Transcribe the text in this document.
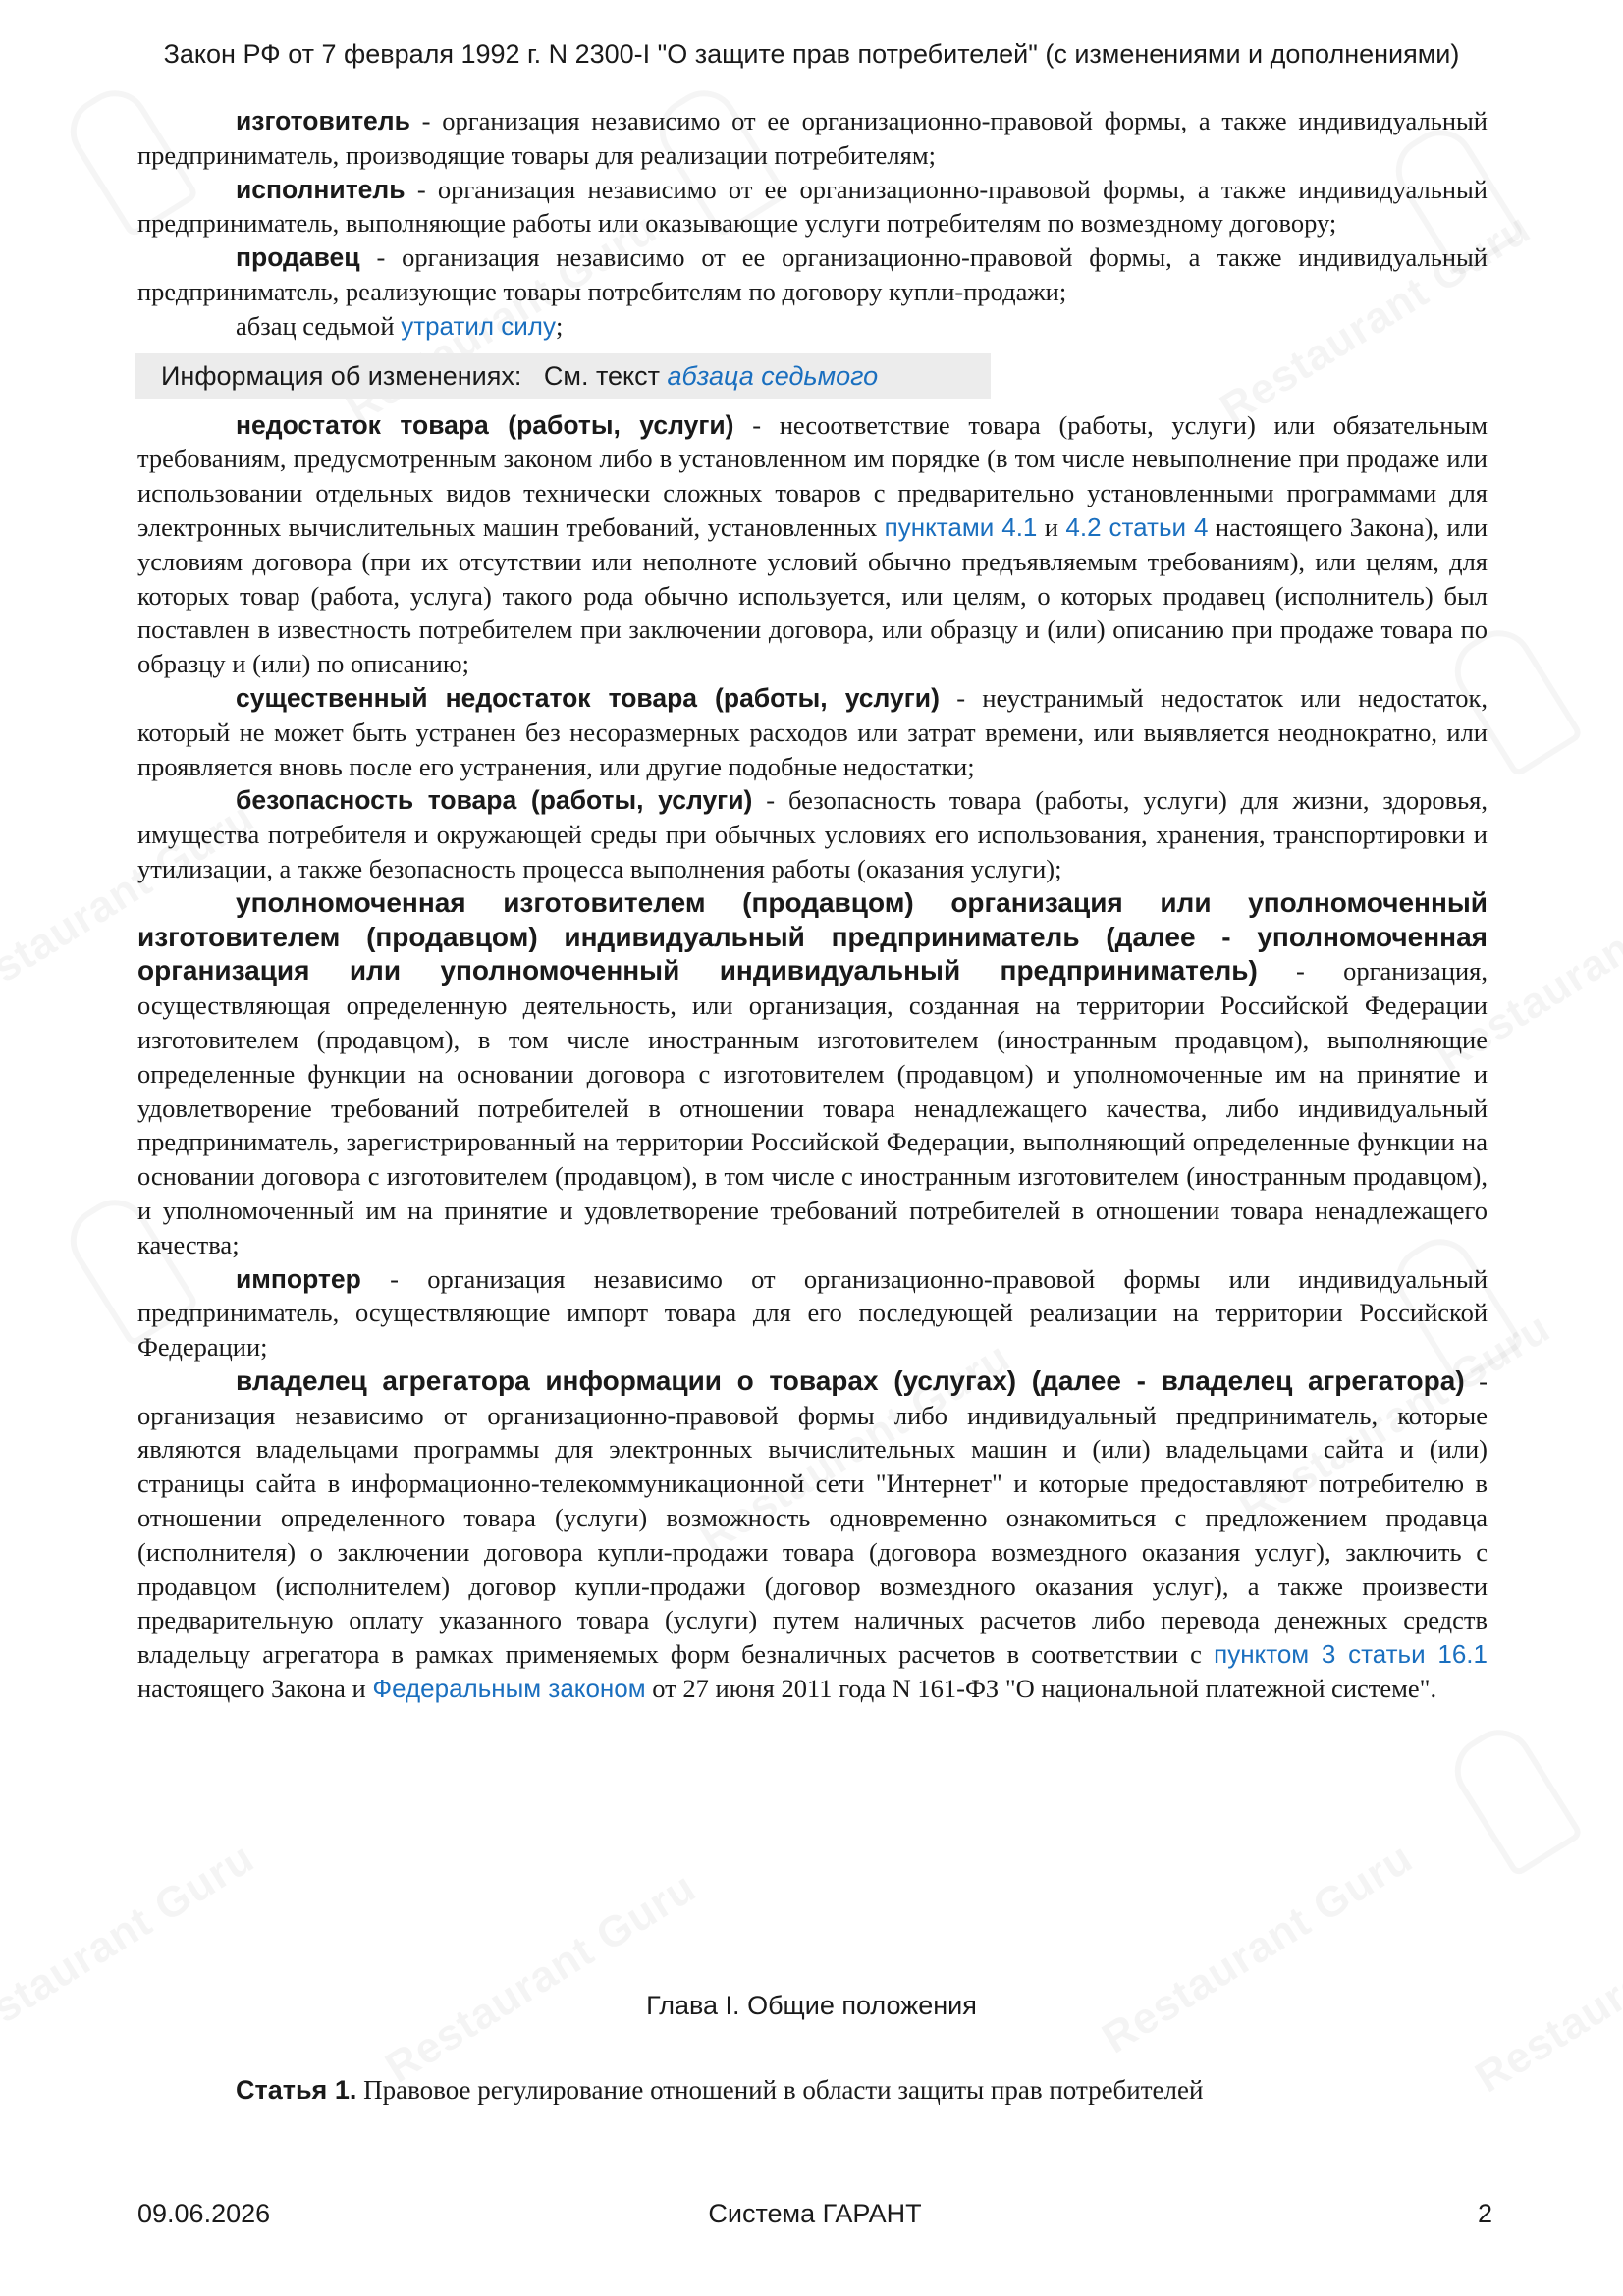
Закон РФ от 7 февраля 1992 г. N 2300-I "О защите прав потребителей" (с изменениями и дополнениями)

изготовитель - организация независимо от ее организационно-правовой формы, а также индивидуальный предприниматель, производящие товары для реализации потребителям;

исполнитель - организация независимо от ее организационно-правовой формы, а также индивидуальный предприниматель, выполняющие работы или оказывающие услуги потребителям по возмездному договору;

продавец - организация независимо от ее организационно-правовой формы, а также индивидуальный предприниматель, реализующие товары потребителям по договору купли-продажи;

абзац седьмой утратил силу;

Информация об изменениях: См. текст абзаца седьмого

недостаток товара (работы, услуги) - несоответствие товара (работы, услуги) или обязательным требованиям, предусмотренным законом либо в установленном им порядке (в том числе невыполнение при продаже или использовании отдельных видов технически сложных товаров с предварительно установленными программами для электронных вычислительных машин требований, установленных пунктами 4.1 и 4.2 статьи 4 настоящего Закона), или условиям договора (при их отсутствии или неполноте условий обычно предъявляемым требованиям), или целям, для которых товар (работа, услуга) такого рода обычно используется, или целям, о которых продавец (исполнитель) был поставлен в известность потребителем при заключении договора, или образцу и (или) описанию при продаже товара по образцу и (или) по описанию;

существенный недостаток товара (работы, услуги) - неустранимый недостаток или недостаток, который не может быть устранен без несоразмерных расходов или затрат времени, или выявляется неоднократно, или проявляется вновь после его устранения, или другие подобные недостатки;

безопасность товара (работы, услуги) - безопасность товара (работы, услуги) для жизни, здоровья, имущества потребителя и окружающей среды при обычных условиях его использования, хранения, транспортировки и утилизации, а также безопасность процесса выполнения работы (оказания услуги);

уполномоченная изготовителем (продавцом) организация или уполномоченный изготовителем (продавцом) индивидуальный предприниматель (далее - уполномоченная организация или уполномоченный индивидуальный предприниматель) - организация, осуществляющая определенную деятельность, или организация, созданная на территории Российской Федерации изготовителем (продавцом), в том числе иностранным изготовителем (иностранным продавцом), выполняющие определенные функции на основании договора с изготовителем (продавцом) и уполномоченные им на принятие и удовлетворение требований потребителей в отношении товара ненадлежащего качества, либо индивидуальный предприниматель, зарегистрированный на территории Российской Федерации, выполняющий определенные функции на основании договора с изготовителем (продавцом), в том числе с иностранным изготовителем (иностранным продавцом), и уполномоченный им на принятие и удовлетворение требований потребителей в отношении товара ненадлежащего качества;

импортер - организация независимо от организационно-правовой формы или индивидуальный предприниматель, осуществляющие импорт товара для его последующей реализации на территории Российской Федерации;

владелец агрегатора информации о товарах (услугах) (далее - владелец агрегатора) - организация независимо от организационно-правовой формы либо индивидуальный предприниматель, которые являются владельцами программы для электронных вычислительных машин и (или) владельцами сайта и (или) страницы сайта в информационно-телекоммуникационной сети "Интернет" и которые предоставляют потребителю в отношении определенного товара (услуги) возможность одновременно ознакомиться с предложением продавца (исполнителя) о заключении договора купли-продажи товара (договора возмездного оказания услуг), заключить с продавцом (исполнителем) договор купли-продажи (договор возмездного оказания услуг), а также произвести предварительную оплату указанного товара (услуги) путем наличных расчетов либо перевода денежных средств владельцу агрегатора в рамках применяемых форм безналичных расчетов в соответствии с пунктом 3 статьи 16.1 настоящего Закона и Федеральным законом от 27 июня 2011 года N 161-ФЗ "О национальной платежной системе".

Глава I. Общие положения
Статья 1. Правовое регулирование отношений в области защиты прав потребителей
09.06.2026	Система ГАРАНТ	2
